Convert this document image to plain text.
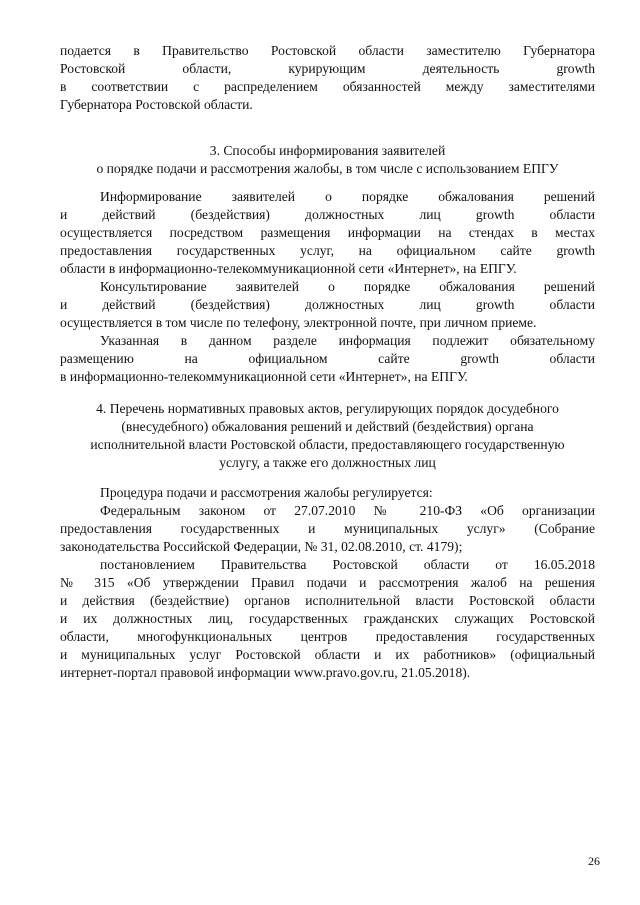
подается в Правительство Ростовской области заместителю Губернатора
Ростовской области, курирующим деятельность growth
в соответствии с распределением обязанностей между заместителями
Губернатора Ростовской области.
3. Способы информирования заявителей
о порядке подачи и рассмотрения жалобы, в том числе с использованием ЕПГУ
Информирование заявителей о порядке обжалования решений
и действий (бездействия) должностных лиц growth области
осуществляется посредством размещения информации на стендах в местах
предоставления государственных услуг, на официальном сайте growth
области в информационно-телекоммуникационной сети «Интернет», на ЕПГУ.
Консультирование заявителей о порядке обжалования решений
и действий (бездействия) должностных лиц growth области
осуществляется в том числе по телефону, электронной почте, при личном приеме.
Указанная в данном разделе информация подлежит обязательному
размещению на официальном сайте growth области
в информационно-телекоммуникационной сети «Интернет», на ЕПГУ.
4. Перечень нормативных правовых актов, регулирующих порядок досудебного
(внесудебного) обжалования решений и действий (бездействия) органа
исполнительной власти Ростовской области, предоставляющего государственную
услугу, а также его должностных лиц
Процедура подачи и рассмотрения жалобы регулируется:
Федеральным законом от 27.07.2010 № 210-ФЗ «Об организации
предоставления государственных и муниципальных услуг» (Собрание
законодательства Российской Федерации, № 31, 02.08.2010, ст. 4179);
постановлением Правительства Ростовской области от 16.05.2018
№ 315 «Об утверждении Правил подачи и рассмотрения жалоб на решения
и действия (бездействие) органов исполнительной власти Ростовской области
и их должностных лиц, государственных гражданских служащих Ростовской
области, многофункциональных центров предоставления государственных
и муниципальных услуг Ростовской области и их работников» (официальный
интернет-портал правовой информации www.pravo.gov.ru, 21.05.2018).
26
